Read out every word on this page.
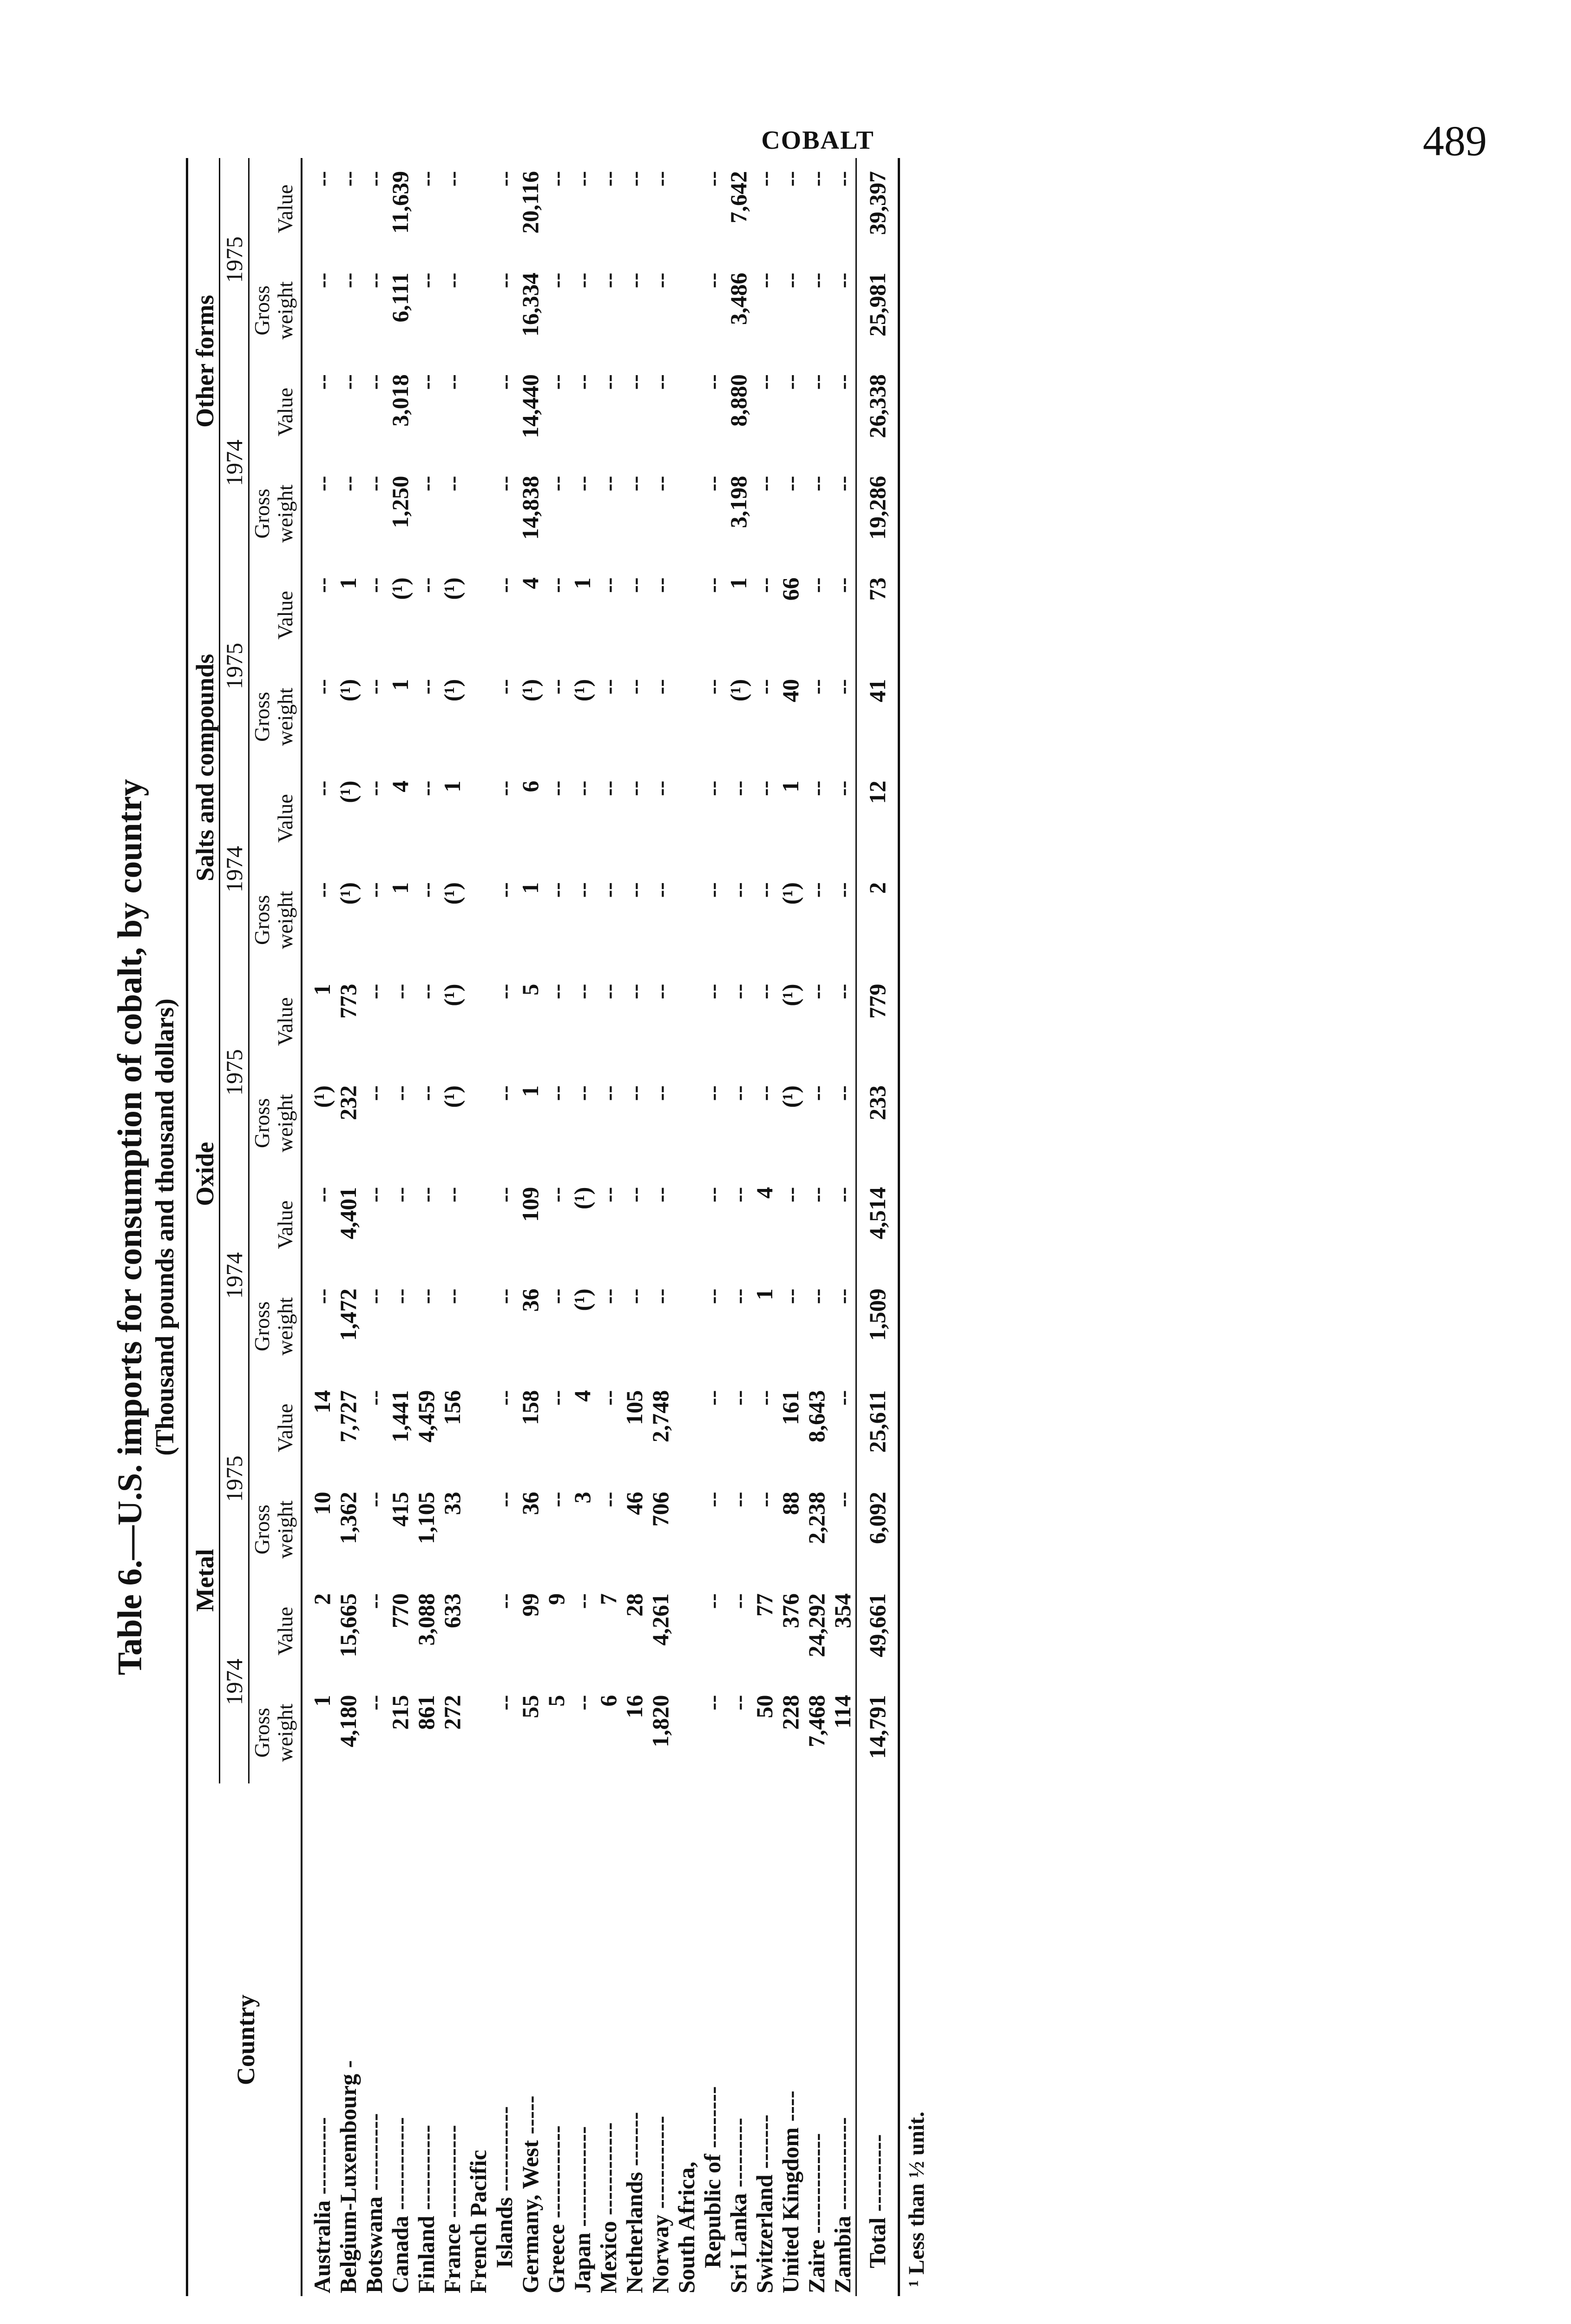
COBALT	489
Table 6.—U.S. imports for consumption of cobalt, by country (Thousand pounds and thousand dollars)
Country	Metal				Oxide				Salts and compounds				Other forms			
	1974		1975		1974		1975		1974		1975		1974		1975	
	Gross weight	Value	Gross weight	Value	Gross weight	Value	Gross weight	Value	Gross weight	Value	Gross weight	Value	Gross weight	Value	Gross weight	Value
Australia ----------	1	2	10	14	--	--	(¹)	1	--	--	--	--	--	--	--	--
Belgium-Luxembourg -	4,180	15,665	1,362	7,727	1,472	4,401	232	773	(¹)	(¹)	(¹)	1	--	--	--	--
Botswana ----------	--	--	--	--	--	--	--	--	--	--	--	--	--	--	--	--
Canada ------------	215	770	415	1,441	--	--	--	--	1	4	1	(¹)	1,250	3,018	6,111	11,639
Finland -----------	861	3,088	1,105	4,459	--	--	--	--	--	--	--	--	--	--	--	--
France ------------	272	633	33	156	--	--	(¹)	(¹)	(¹)	1	(¹)	(¹)	--	--	--	--
French Pacific																
Islands -----------	--	--	--	--	--	--	--	--	--	--	--	--	--	--	--	--
Germany, West -----	55	99	36	158	36	109	1	5	1	6	(¹)	4	14,838	14,440	16,334	20,116
Greece ------------	5	9	--	--	--	--	--	--	--	--	--	--	--	--	--	--
Japan -------------	--	--	3	4	(¹)	(¹)	--	--	--	--	(¹)	1	--	--	--	--
Mexico ------------	6	7	--	--	--	--	--	--	--	--	--	--	--	--	--	--
Netherlands -------	16	28	46	105	--	--	--	--	--	--	--	--	--	--	--	--
Norway ------------	1,820	4,261	706	2,748	--	--	--	--	--	--	--	--	--	--	--	--
South Africa,																
Republic of --------	--	--	--	--	--	--	--	--	--	--	--	--	--	--	--	--
Sri Lanka ---------	--	--	--	--	--	--	--	--	--	--	(¹)	1	3,198	8,880	3,486	7,642
Switzerland -------	50	77	--	--	1	4	--	--	--	--	--	--	--	--	--	--
United Kingdom ----	228	376	88	161	--	--	(¹)	(¹)	(¹)	1	40	66	--	--	--	--
Zaire -------------	7,468	24,292	2,238	8,643	--	--	--	--	--	--	--	--	--	--	--	--
Zambia ------------	114	354	--	--	--	--	--	--	--	--	--	--	--	--	--	--
Total ----------	14,791	49,661	6,092	25,611	1,509	4,514	233	779	2	12	41	73	19,286	26,338	25,981	39,397
¹ Less than ½ unit.
